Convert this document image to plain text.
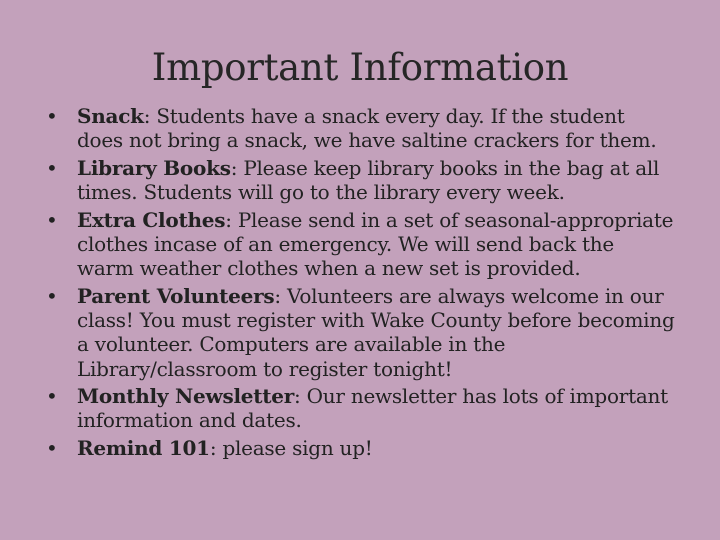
Important Information
• Snack: Students have a snack every day. If the student does not bring a snack, we have saltine crackers for them.
• Library Books: Please keep library books in the bag at all times. Students will go to the library every week.
• Extra Clothes: Please send in a set of seasonal-appropriate clothes incase of an emergency. We will send back the warm weather clothes when a new set is provided.
• Parent Volunteers: Volunteers are always welcome in our class! You must register with Wake County before becoming a volunteer. Computers are available in the Library/classroom to register tonight!
• Monthly Newsletter: Our newsletter has lots of important information and dates.
• Remind 101: please sign up!
